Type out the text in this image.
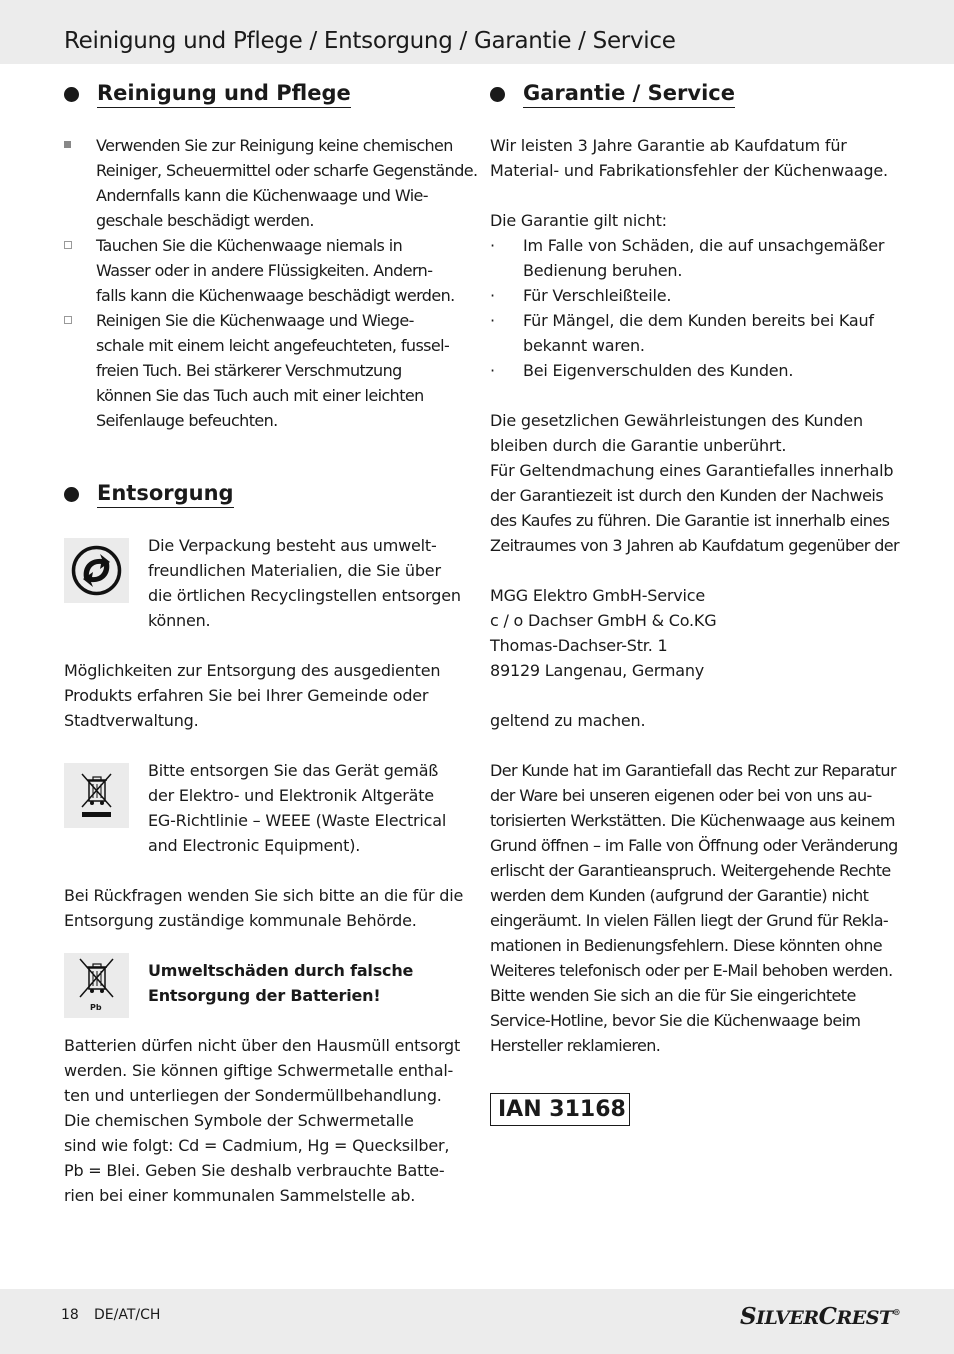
Reinigung und Pflege / Entsorgung / Garantie / Service
Reinigung und Pflege
Verwenden Sie zur Reinigung keine chemischen
Reiniger, Scheuermittel oder scharfe Gegenstände.
Andernfalls kann die Küchenwaage und Wie-
geschale beschädigt werden.
Tauchen Sie die Küchenwaage niemals in
Wasser oder in andere Flüssigkeiten. Andern-
falls kann die Küchenwaage beschädigt werden.
Reinigen Sie die Küchenwaage und Wiege-
schale mit einem leicht angefeuchteten, fussel-
freien Tuch. Bei stärkerer Verschmutzung
können Sie das Tuch auch mit einer leichten
Seifenlauge befeuchten.
Entsorgung
Die Verpackung besteht aus umwelt-
freundlichen Materialien, die Sie über
die örtlichen Recyclingstellen entsorgen
können.
Möglichkeiten zur Entsorgung des ausgedienten
Produkts erfahren Sie bei Ihrer Gemeinde oder
Stadtverwaltung.
Bitte entsorgen Sie das Gerät gemäß
der Elektro- und Elektronik Altgeräte
EG-Richtlinie – WEEE (Waste Electrical
and Electronic Equipment).
Bei Rückfragen wenden Sie sich bitte an die für die
Entsorgung zuständige kommunale Behörde.
Pb
Umweltschäden durch falsche
Entsorgung der Batterien!
Batterien dürfen nicht über den Hausmüll entsorgt
werden. Sie können giftige Schwermetalle enthal-
ten und unterliegen der Sondermüllbehandlung.
Die chemischen Symbole der Schwermetalle
sind wie folgt: Cd = Cadmium, Hg = Quecksilber,
Pb = Blei. Geben Sie deshalb verbrauchte Batte-
rien bei einer kommunalen Sammelstelle ab.
Garantie / Service
Wir leisten 3 Jahre Garantie ab Kaufdatum für
Material- und Fabrikationsfehler der Küchenwaage.
Die Garantie gilt nicht:
· Im Falle von Schäden, die auf unsachgemäßer
Bedienung beruhen.
· Für Verschleißteile.
· Für Mängel, die dem Kunden bereits bei Kauf
bekannt waren.
· Bei Eigenverschulden des Kunden.
Die gesetzlichen Gewährleistungen des Kunden
bleiben durch die Garantie unberührt.
Für Geltendmachung eines Garantiefalles innerhalb
der Garantiezeit ist durch den Kunden der Nachweis
des Kaufes zu führen. Die Garantie ist innerhalb eines
Zeitraumes von 3 Jahren ab Kaufdatum gegenüber der
MGG Elektro GmbH-Service
c / o Dachser GmbH & Co.KG
Thomas-Dachser-Str. 1
89129 Langenau, Germany
geltend zu machen.
Der Kunde hat im Garantiefall das Recht zur Reparatur
der Ware bei unseren eigenen oder bei von uns au-
torisierten Werkstätten. Die Küchenwaage aus keinem
Grund öffnen – im Falle von Öffnung oder Veränderung
erlischt der Garantieanspruch. Weitergehende Rechte
werden dem Kunden (aufgrund der Garantie) nicht
eingeräumt. In vielen Fällen liegt der Grund für Rekla-
mationen in Bedienungsfehlern. Diese könnten ohne
Weiteres telefonisch oder per E-Mail behoben werden.
Bitte wenden Sie sich an die für Sie eingerichtete
Service-Hotline, bevor Sie die Küchenwaage beim
Hersteller reklamieren.
IAN 31168
18 DE/AT/CH	SILVERCREST®
